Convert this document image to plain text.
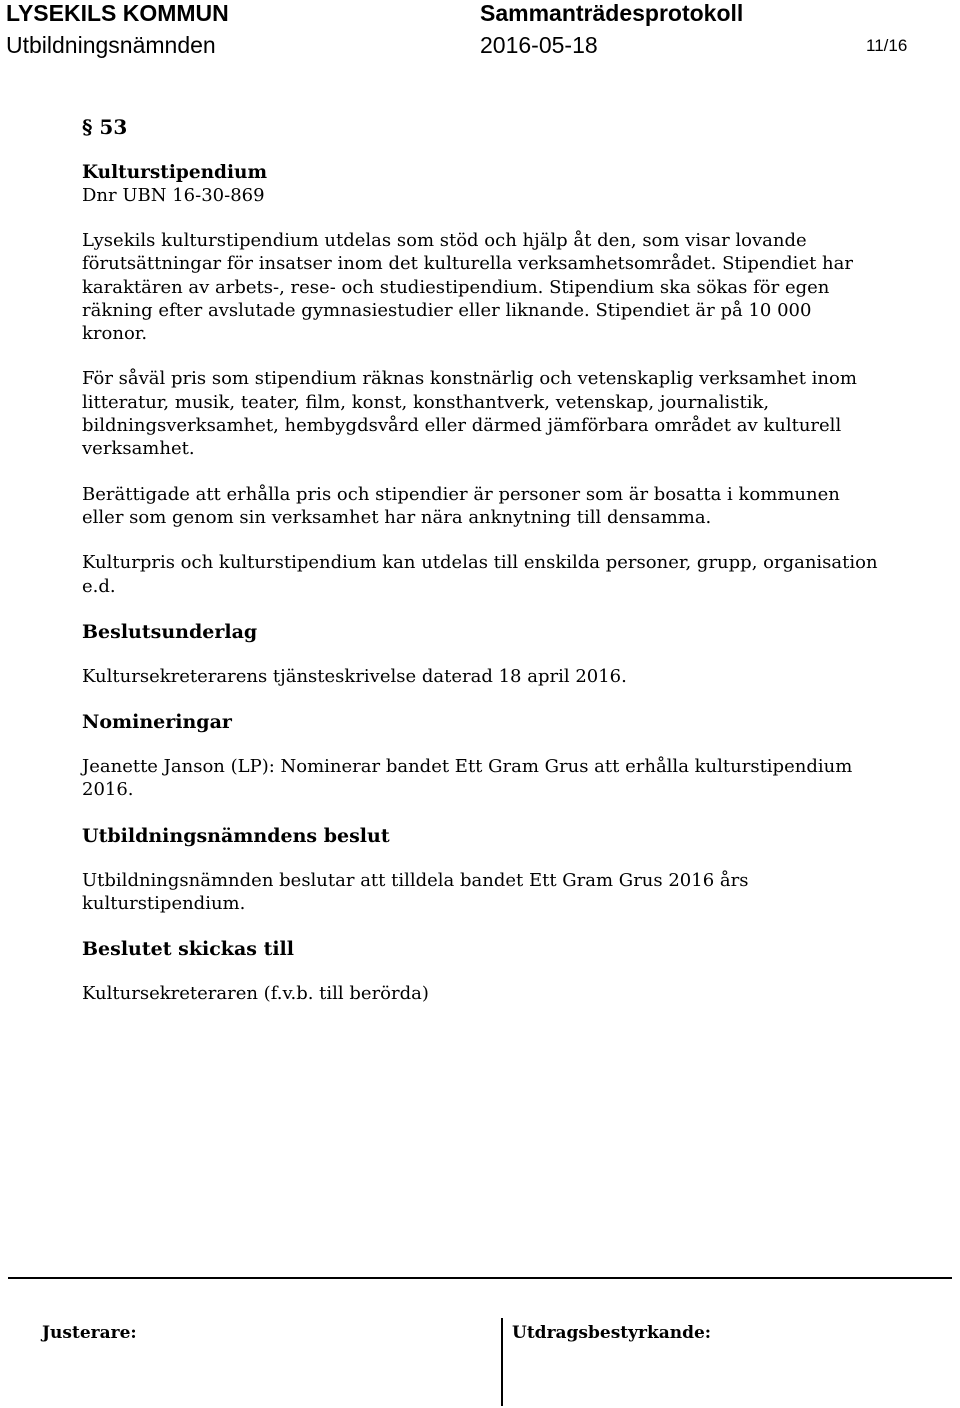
LYSEKILS KOMMUN	Sammanträdesprotokoll
Utbildningsnämnden	2016-05-18	11/16

§ 53

Kulturstipendium

Dnr UBN 16-30-869

Lysekils kulturstipendium utdelas som stöd och hjälp åt den, som visar lovande förutsättningar för insatser inom det kulturella verksamhetsområdet. Stipendiet har karaktären av arbets-, rese- och studiestipendium. Stipendium ska sökas för egen räkning efter avslutade gymnasiestudier eller liknande. Stipendiet är på 10 000 kronor.

För såväl pris som stipendium räknas konstnärlig och vetenskaplig verksamhet inom litteratur, musik, teater, film, konst, konsthantverk, vetenskap, journalistik, bildningsverksamhet, hembygdsvård eller därmed jämförbara området av kulturell verksamhet.

Berättigade att erhålla pris och stipendier är personer som är bosatta i kommunen eller som genom sin verksamhet har nära anknytning till densamma.

Kulturpris och kulturstipendium kan utdelas till enskilda personer, grupp, organisation e.d.

Beslutsunderlag

Kultursekreterarens tjänsteskrivelse daterad 18 april 2016.

Nomineringar

Jeanette Janson (LP): Nominerar bandet Ett Gram Grus att erhålla kulturstipendium 2016.

Utbildningsnämndens beslut

Utbildningsnämnden beslutar att tilldela bandet Ett Gram Grus 2016 års kulturstipendium.

Beslutet skickas till

Kultursekreteraren (f.v.b. till berörda)

Justerare:	Utdragsbestyrkande:
